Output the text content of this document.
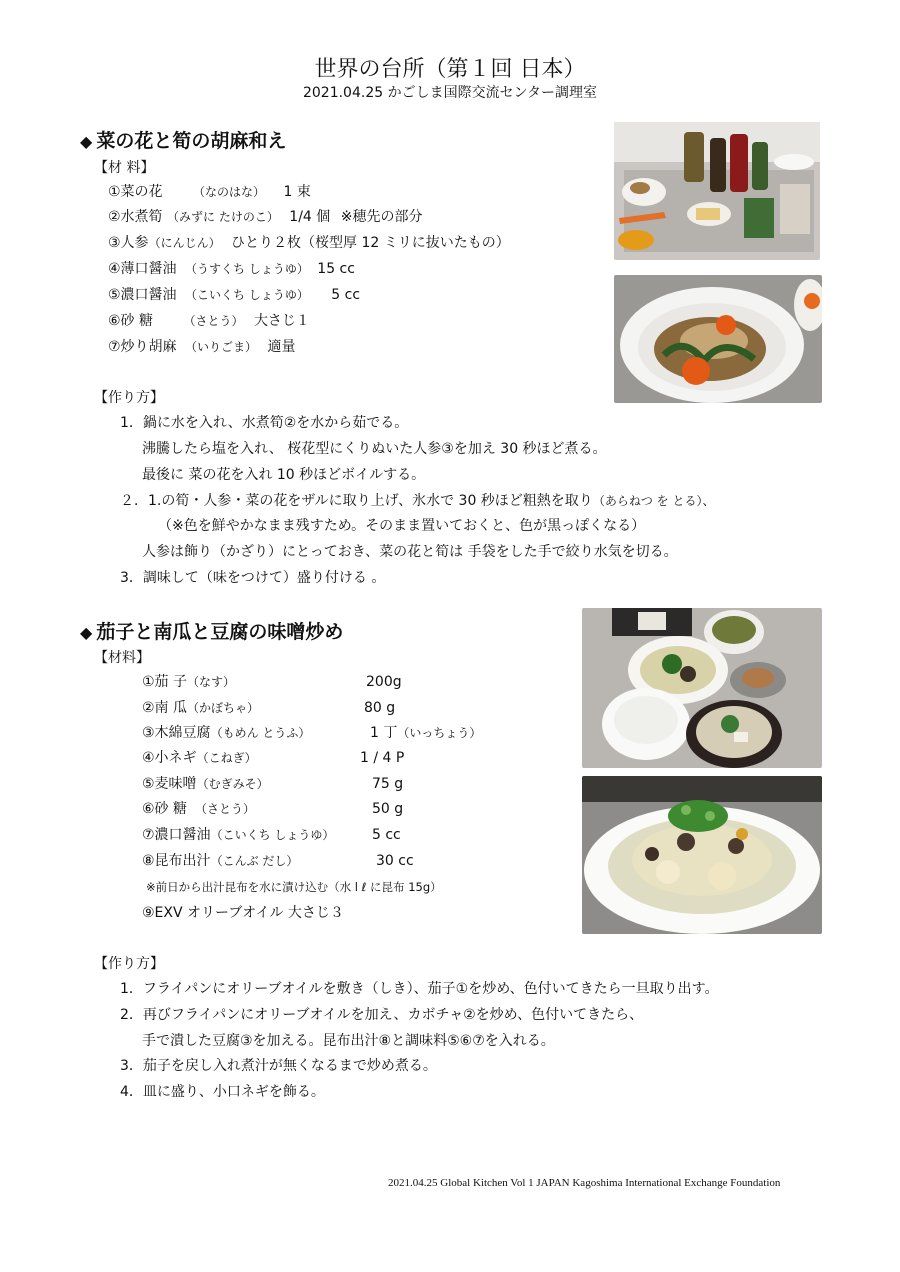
世界の台所（第１回 日本）
2021.04.25 かごしま国際交流センター調理室
◆ 菜の花と筍の胡麻和え
【材 料】
①菜の花	（なのはな） 1 束
②水煮筍 （みずに たけのこ） 1/4 個 ※穂先の部分
③人参（にんじん） ひとり２枚（桜型厚 12 ミリに抜いたもの）
④薄口醤油 （うすくち しょうゆ） 15 cc
⑤濃口醤油 （こいくち しょうゆ） 5 cc
⑥砂 糖	（さとう） 大さじ１
⑦炒り胡麻 （いりごま） 適量
【作り方】
1．鍋に水を入れ、水煮筍②を水から茹でる。
沸騰したら塩を入れ、 桜花型にくりぬいた人参③を加え 30 秒ほど煮る。
最後に 菜の花を入れ 10 秒ほどボイルする。
２．1.の筍・人参・菜の花をザルに取り上げ、氷水で 30 秒ほど粗熱を取り（あらねつ を とる）、
（※色を鮮やかなまま残すため。そのまま置いておくと、色が黒っぽくなる）
人参は飾り（かざり）にとっておき、菜の花と筍は 手袋をした手で絞り水気を切る。
3．調味して（味をつけて）盛り付ける 。
◆ 茄子と南瓜と豆腐の味噌炒め
【材料】
①茄 子（なす）	200g
②南 瓜（かぼちゃ）	80 g
③木綿豆腐（もめん とうふ）	1 丁（いっちょう）
④小ネギ（こねぎ）	1 / 4 P
⑤麦味噌（むぎみそ）	75 g
⑥砂 糖 （さとう）	50 g
⑦濃口醤油（こいくち しょうゆ）	5 cc
⑧昆布出汁（こんぶ だし）	30 cc
※前日から出汁昆布を水に漬け込む（水 l ℓ に昆布 15g）
⑨EXV オリーブオイル 大さじ３
【作り方】
1．フライパンにオリーブオイルを敷き（しき）、茄子①を炒め、色付いてきたら一旦取り出す。
2．再びフライパンにオリーブオイルを加え、カボチャ②を炒め、色付いてきたら、
手で潰した豆腐③を加える。昆布出汁⑧と調味料⑤⑥⑦を入れる。
3．茄子を戻し入れ煮汁が無くなるまで炒め煮る。
4．皿に盛り、小口ネギを飾る。
2021.04.25 Global Kitchen Vol 1 JAPAN Kagoshima International Exchange Foundation
